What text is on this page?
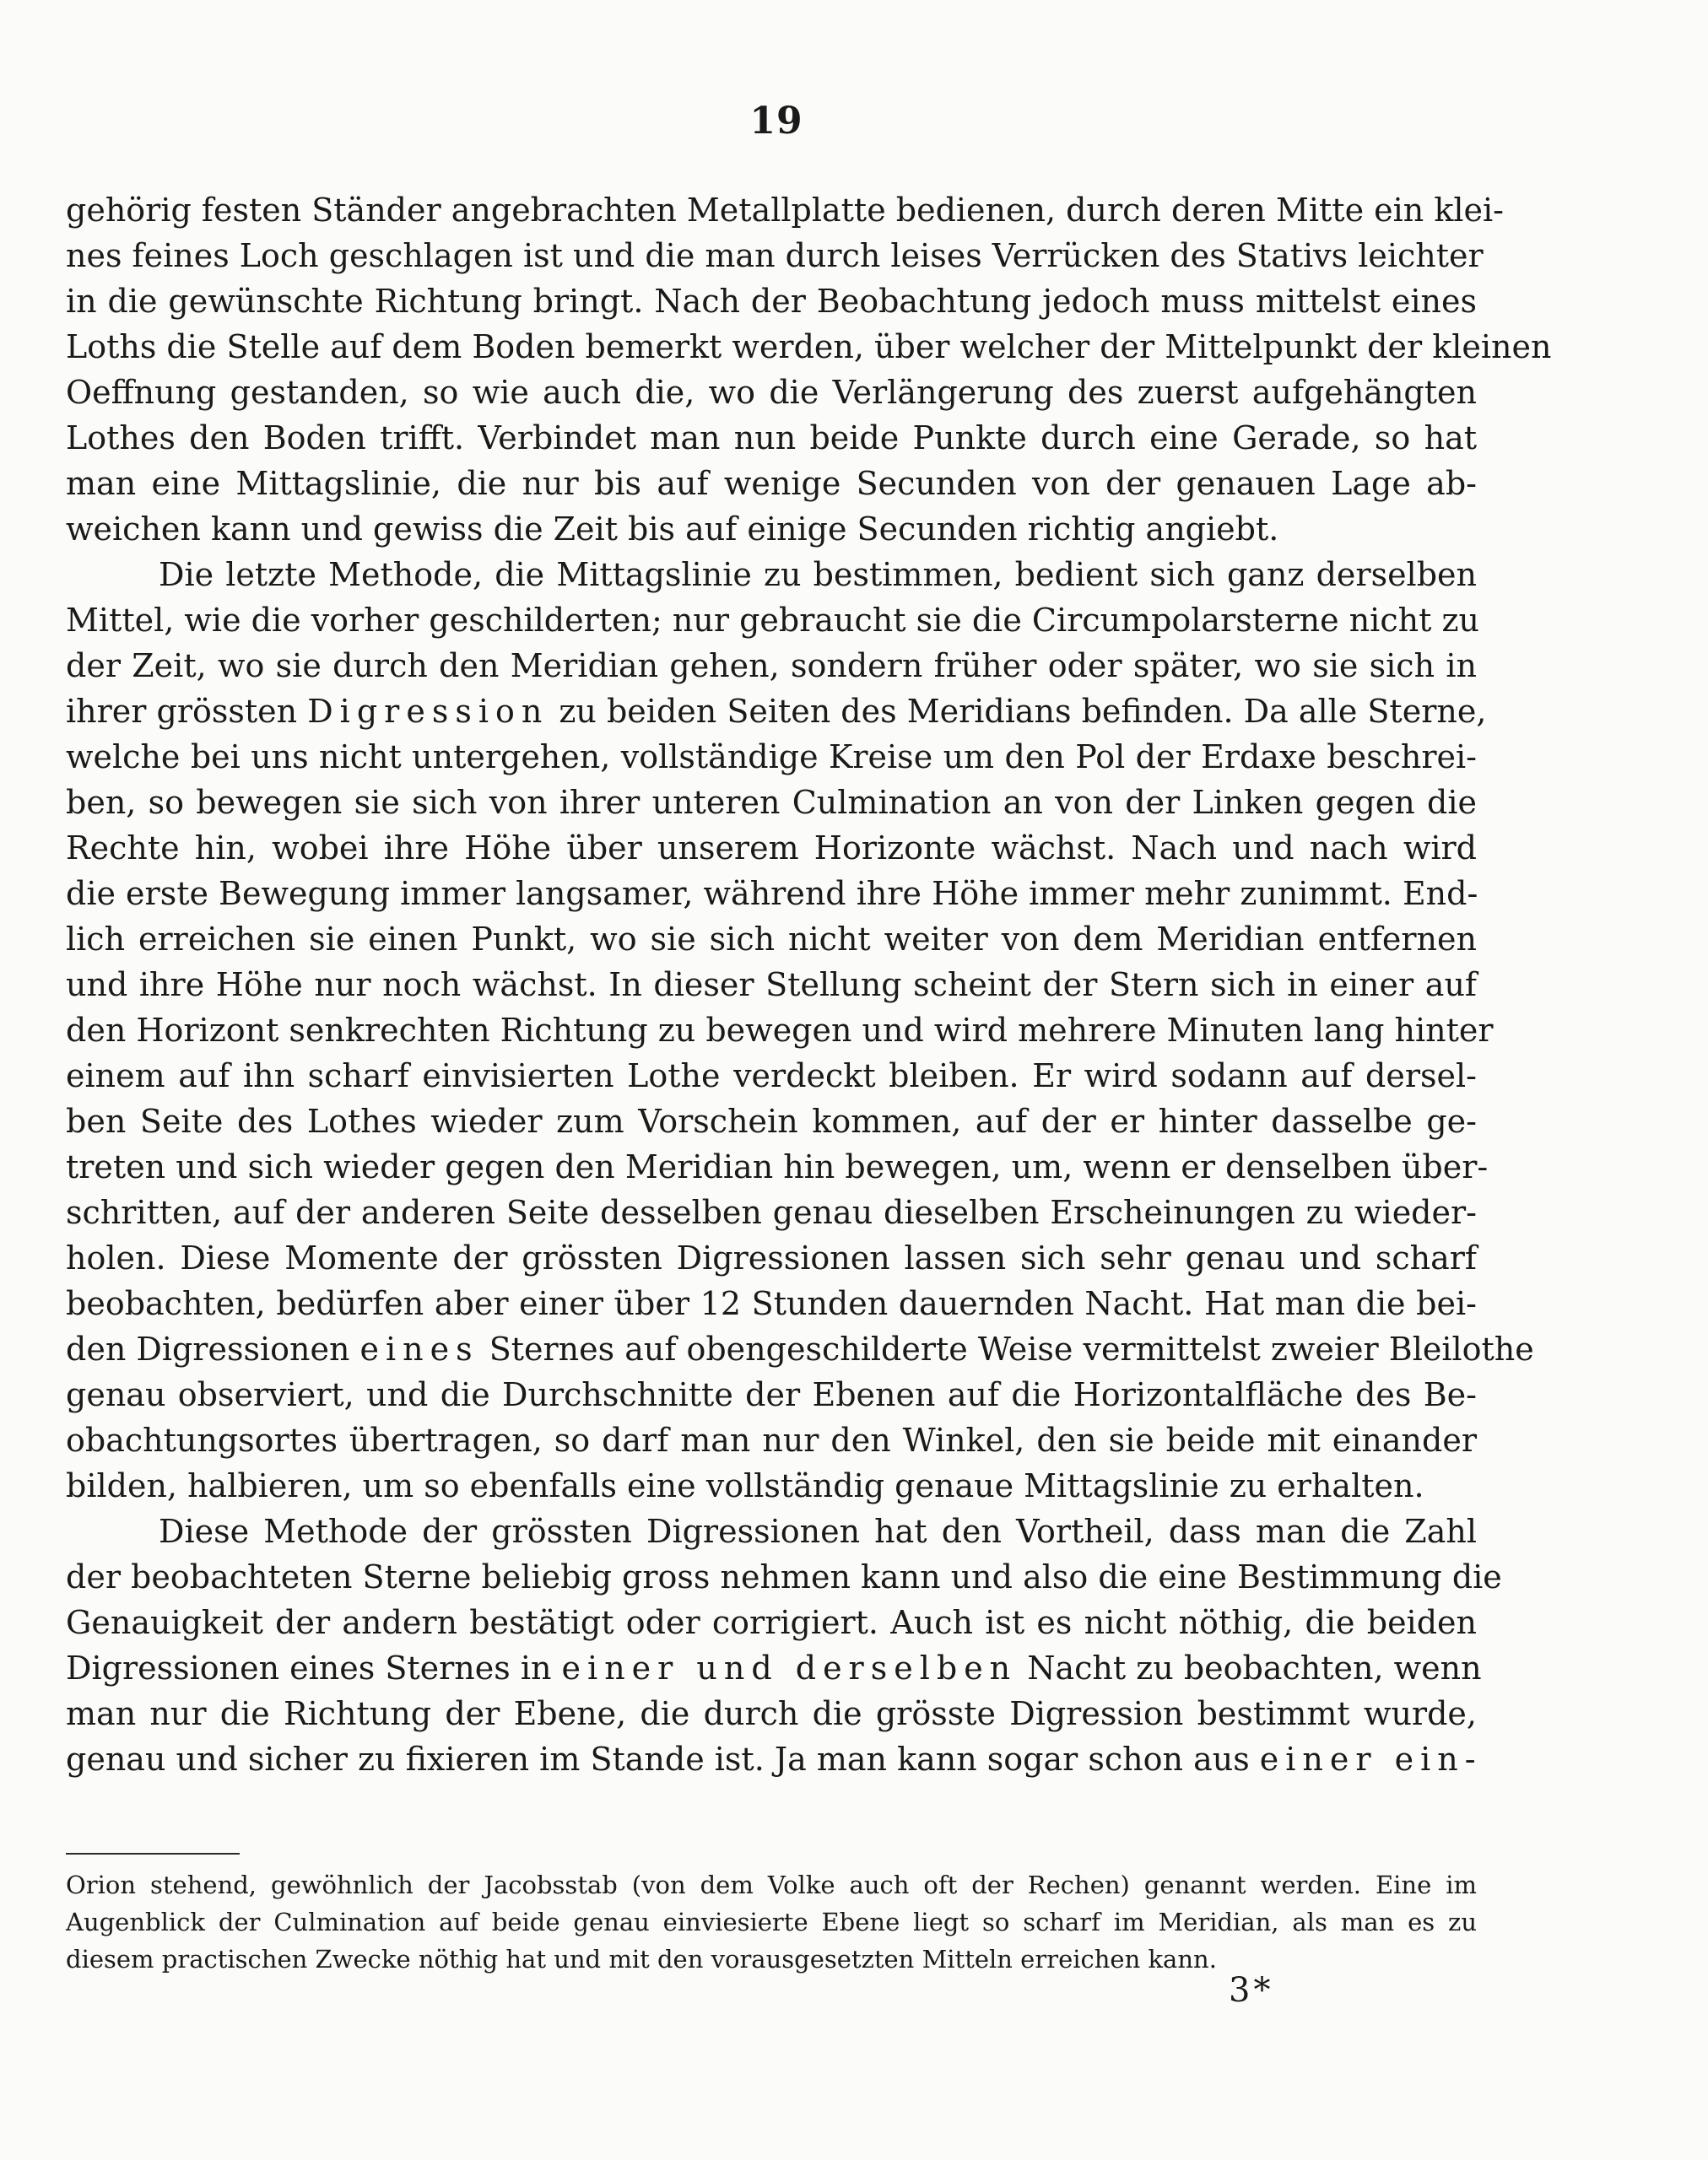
19
gehörig festen Ständer angebrachten Metallplatte bedienen, durch deren Mitte ein klei-
nes feines Loch geschlagen ist und die man durch leises Verrücken des Stativs leichter
in die gewünschte Richtung bringt. Nach der Beobachtung jedoch muss mittelst eines
Loths die Stelle auf dem Boden bemerkt werden, über welcher der Mittelpunkt der kleinen
Oeffnung gestanden, so wie auch die, wo die Verlängerung des zuerst aufgehängten
Lothes den Boden trifft. Verbindet man nun beide Punkte durch eine Gerade, so hat
man eine Mittagslinie, die nur bis auf wenige Secunden von der genauen Lage ab-
weichen kann und gewiss die Zeit bis auf einige Secunden richtig angiebt.
Die letzte Methode, die Mittagslinie zu bestimmen, bedient sich ganz derselben
Mittel, wie die vorher geschilderten; nur gebraucht sie die Circumpolarsterne nicht zu
der Zeit, wo sie durch den Meridian gehen, sondern früher oder später, wo sie sich in
ihrer grössten Digression zu beiden Seiten des Meridians befinden. Da alle Sterne,
welche bei uns nicht untergehen, vollständige Kreise um den Pol der Erdaxe beschrei-
ben, so bewegen sie sich von ihrer unteren Culmination an von der Linken gegen die
Rechte hin, wobei ihre Höhe über unserem Horizonte wächst. Nach und nach wird
die erste Bewegung immer langsamer, während ihre Höhe immer mehr zunimmt. End-
lich erreichen sie einen Punkt, wo sie sich nicht weiter von dem Meridian entfernen
und ihre Höhe nur noch wächst. In dieser Stellung scheint der Stern sich in einer auf
den Horizont senkrechten Richtung zu bewegen und wird mehrere Minuten lang hinter
einem auf ihn scharf einvisierten Lothe verdeckt bleiben. Er wird sodann auf dersel-
ben Seite des Lothes wieder zum Vorschein kommen, auf der er hinter dasselbe ge-
treten und sich wieder gegen den Meridian hin bewegen, um, wenn er denselben über-
schritten, auf der anderen Seite desselben genau dieselben Erscheinungen zu wieder-
holen. Diese Momente der grössten Digressionen lassen sich sehr genau und scharf
beobachten, bedürfen aber einer über 12 Stunden dauernden Nacht. Hat man die bei-
den Digressionen eines Sternes auf obengeschilderte Weise vermittelst zweier Bleilothe
genau observiert, und die Durchschnitte der Ebenen auf die Horizontalfläche des Be-
obachtungsortes übertragen, so darf man nur den Winkel, den sie beide mit einander
bilden, halbieren, um so ebenfalls eine vollständig genaue Mittagslinie zu erhalten.
Diese Methode der grössten Digressionen hat den Vortheil, dass man die Zahl
der beobachteten Sterne beliebig gross nehmen kann und also die eine Bestimmung die
Genauigkeit der andern bestätigt oder corrigiert. Auch ist es nicht nöthig, die beiden
Digressionen eines Sternes in einer und derselben Nacht zu beobachten, wenn
man nur die Richtung der Ebene, die durch die grösste Digression bestimmt wurde,
genau und sicher zu fixieren im Stande ist. Ja man kann sogar schon aus einer ein-
Orion stehend, gewöhnlich der Jacobsstab (von dem Volke auch oft der Rechen) genannt werden. Eine im
Augenblick der Culmination auf beide genau einviesierte Ebene liegt so scharf im Meridian, als man es zu
diesem practischen Zwecke nöthig hat und mit den vorausgesetzten Mitteln erreichen kann.
3*
